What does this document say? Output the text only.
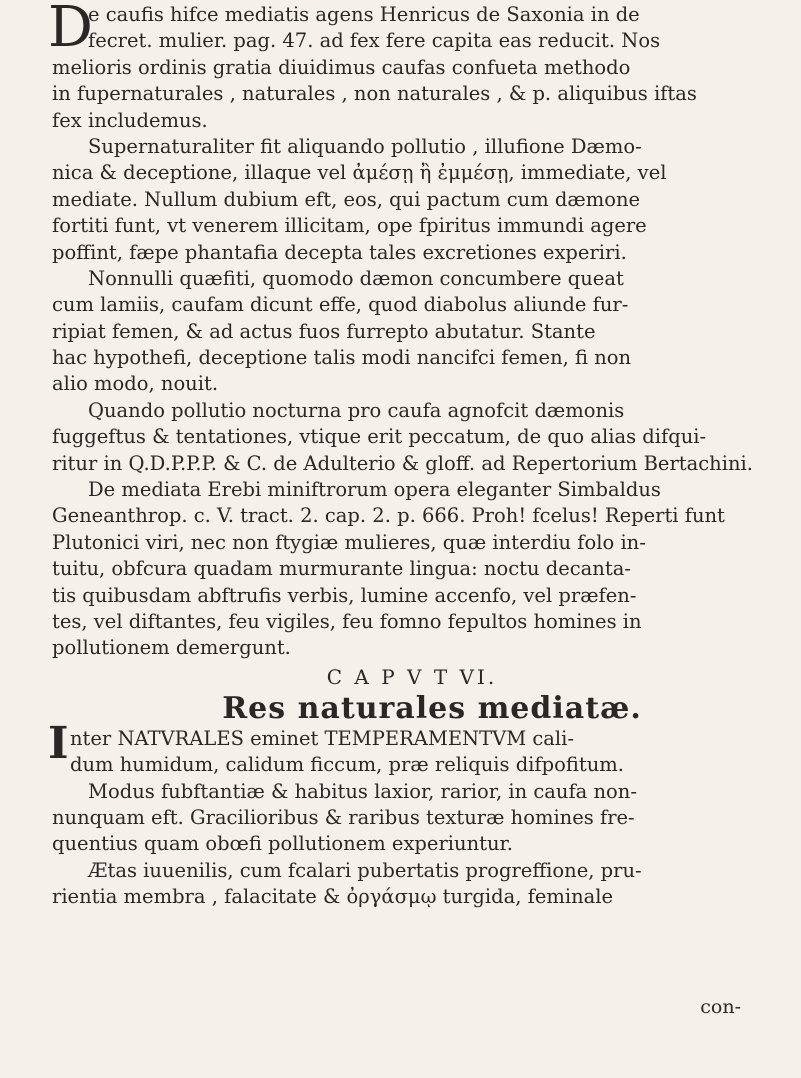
D
e caufis hifce mediatis agens Henricus de Saxonia in de
fecret. mulier. pag. 47. ad fex fere capita eas reducit. Nos
melioris ordinis gratia diuidimus caufas confueta methodo
in fupernaturales , naturales , non naturales , & p. aliquibus iftas
fex includemus.
Supernaturaliter fit aliquando pollutio , illufione Dæmo-
nica & deceptione, illaque vel ἀμέσῃ ἢ ἐμμέσῃ, immediate, vel
mediate. Nullum dubium eft, eos, qui pactum cum dæmone
fortiti funt, vt venerem illicitam, ope fpiritus immundi agere
poffint, fæpe phantafia decepta tales excretiones experiri.
Nonnulli quæfiti, quomodo dæmon concumbere queat
cum lamiis, caufam dicunt effe, quod diabolus aliunde fur-
ripiat femen, & ad actus fuos furrepto abutatur. Stante
hac hypothefi, deceptione talis modi nancifci femen, fi non
alio modo, nouit.
Quando pollutio nocturna pro caufa agnofcit dæmonis
fuggeftus & tentationes, vtique erit peccatum, de quo alias difqui-
ritur in Q.D.P.P.P. & C. de Adulterio & gloff. ad Repertorium Bertachini.
De mediata Erebi miniftrorum opera eleganter Simbaldus
Geneanthrop. c. V. tract. 2. cap. 2. p. 666. Proh! fcelus! Reperti funt
Plutonici viri, nec non ftygiæ mulieres, quæ interdiu folo in-
tuitu, obfcura quadam murmurante lingua: noctu decanta-
tis quibusdam abftrufis verbis, lumine accenfo, vel præfen-
tes, vel diftantes, feu vigiles, feu fomno fepultos homines in
pollutionem demergunt.
C A P V T VI.
Res naturales mediatæ.
I nter NATVRALES eminet TEMPERAMENTVM cali-
dum humidum, calidum ficcum, præ reliquis difpofitum.
Modus fubftantiæ & habitus laxior, rarior, in caufa non-
nunquam eft. Gracilioribus & raribus texturæ homines fre-
quentius quam obœfi pollutionem experiuntur.
Ætas iuuenilis, cum fcalari pubertatis progreffione, pru-
rientia membra , falacitate & ὀργάσμῳ turgida, feminale
con-
